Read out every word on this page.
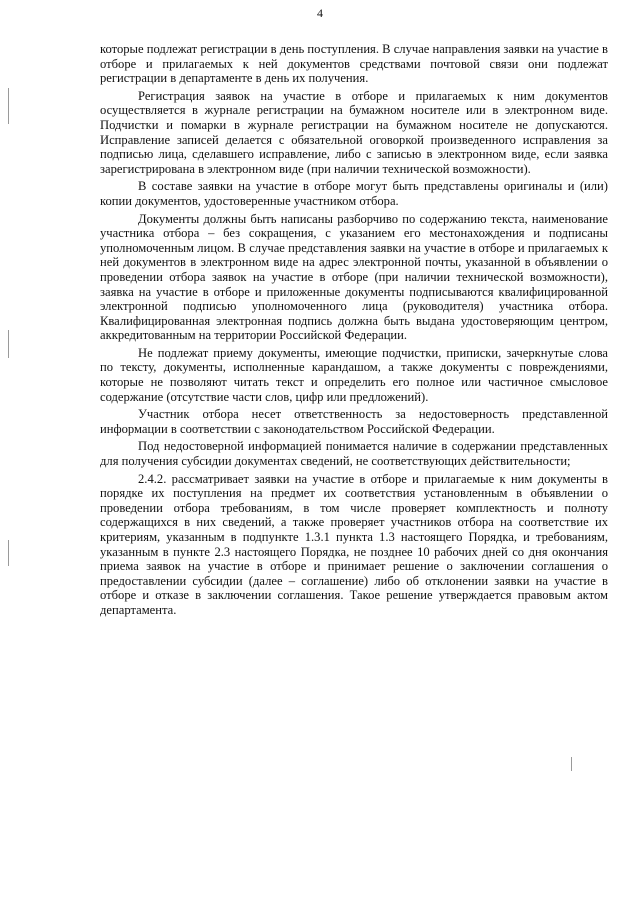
4

которые подлежат регистрации в день поступления. В случае направления заявки на участие в отборе и прилагаемых к ней документов средствами почтовой связи они подлежат регистрации в департаменте в день их получения.

Регистрация заявок на участие в отборе и прилагаемых к ним документов осуществляется в журнале регистрации на бумажном носителе или в электронном виде. Подчистки и помарки в журнале регистрации на бумажном носителе не допускаются. Исправление записей делается с обязательной оговоркой произведенного исправления за подписью лица, сделавшего исправление, либо с записью в электронном виде, если заявка зарегистрирована в электронном виде (при наличии технической возможности).

В составе заявки на участие в отборе могут быть представлены оригиналы и (или) копии документов, удостоверенные участником отбора.

Документы должны быть написаны разборчиво по содержанию текста, наименование участника отбора – без сокращения, с указанием его местонахождения и подписаны уполномоченным лицом. В случае представления заявки на участие в отборе и прилагаемых к ней документов в электронном виде на адрес электронной почты, указанной в объявлении о проведении отбора заявок на участие в отборе (при наличии технической возможности), заявка на участие в отборе и приложенные документы подписываются квалифицированной электронной подписью уполномоченного лица (руководителя) участника отбора. Квалифицированная электронная подпись должна быть выдана удостоверяющим центром, аккредитованным на территории Российской Федерации.

Не подлежат приему документы, имеющие подчистки, приписки, зачеркнутые слова по тексту, документы, исполненные карандашом, а также документы с повреждениями, которые не позволяют читать текст и определить его полное или частичное смысловое содержание (отсутствие части слов, цифр или предложений).

Участник отбора несет ответственность за недостоверность представленной информации в соответствии с законодательством Российской Федерации.

Под недостоверной информацией понимается наличие в содержании представленных для получения субсидии документах сведений, не соответствующих действительности;

2.4.2. рассматривает заявки на участие в отборе и прилагаемые к ним документы в порядке их поступления на предмет их соответствия установленным в объявлении о проведении отбора требованиям, в том числе проверяет комплектность и полноту содержащихся в них сведений, а также проверяет участников отбора на соответствие их критериям, указанным в подпункте 1.3.1 пункта 1.3 настоящего Порядка, и требованиям, указанным в пункте 2.3 настоящего Порядка, не позднее 10 рабочих дней со дня окончания приема заявок на участие в отборе и принимает решение о заключении соглашения о предоставлении субсидии (далее – соглашение) либо об отклонении заявки на участие в отборе и отказе в заключении соглашения. Такое решение утверждается правовым актом департамента.
